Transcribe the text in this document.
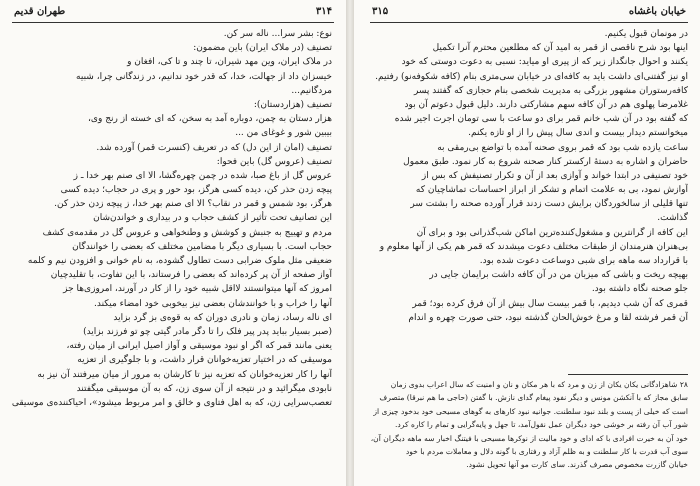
۳۱۴
طهران قدیم
نوع: بشر سرا... ناله سر کن.
تصنیف (در ملاک ایران) باین مضمون:
در ملاک ایران، وین مهد شیران، تا چند و تا کی، افغان و
خیسزان داد از جهالت، خدا، که قدر خود ندانیم، در زندگانی چرا، شبیه
مردگانیم...
تصنیف (هزاردستان):
هزار دستان به چمن، دوباره آمد به سخن، که ای خسته از رنج وی،
بیبین شور و غوغای من ...
تصنیف (امان از این دل) که در تعریف (کنسرت قمر) آورده شد.
تصنیف (عروس گل) باین فحوا:
عروس گل از باغ صبا، شده در چمن چهره‌گشا، الا ای صنم بهر خدا ـ ز
پیچه زدن حذر کن، دیده کسی هرگز، بود حور و پری در حجاب؛ دیده کسی
هرگز، بود شمس و قمر در نقاب؟ الا ای صنم بهر خدا، ز پیچه زدن حذر کن.
این تصانیف تحت تأثیر از کشف حجاب و در بیداری و خواندن‌شان
مردم و تهییج به جنبش و کوشش و وطنخواهی و عروس گل در مقدمه‌ی کشف
حجاب است. با بسیاری دیگر با مضامین مختلف که بعضی را خوانندگان
ضعیفی مثل ملوک ضرابی دست تطاول گشوده، به نام خوانی و افزودن نیم و کلمه
آواز صفحه از آن پر کرده‌اند که بعضی را فرستاند، با این تفاوت، با تقلیدچیان
امروز که آنها میتوانستند لااقل شبیه خود را از کار در آورند، امروزی‌ها جز
آنها را خراب و با خوانندشان بعضی نیز بیخوبی خود امضاء میکند.
ای ناله رساد، زمان و نادری دوران که به قوه‌ی بز گرد بزاید
(صبر بسیار بباید پدر پیر فلک را تا دگر مادر گیتی چو تو فرزند بزاید)
یعنی مانند قمر که اگر او نبود موسیقی و آواز اصیل ایرانی از میان رفته،
موسیقی که در اختیار تعزیه‌خوانان قرار داشت، و با جلوگیری از تعزیه
آنها را کار تعزیه‌خوانان که تعزیه نیز تا کارشان به مرور از میان میرفتند آن نیز به
نابودی میگرائید و در نتیجه از آن سوی زن، که به آن موسیقی میگفتند
تعصب‌سرایی زن، که به اهل فتاوی و خالق و امر مربوط میشود»، احیاکننده‌ی موسیقی
۳۱۵	خیابان باغشاه
در مونمان قبول یکنیم.
اینها بود شرح ناقصی از قمر به امید آن که مطلعین محترم آنرا تکمیل
یکنند و احوال جانگداز زیر که از پیری او میاید: نسبی به دعوت دوستی که خود
او نیز گفتنی‌ای داشت باید به کافه‌ای در خیابان سی‌متری بنام (کافه شکوفه‌نو) رفتیم.
کافه‌رستوران مشهور بزرگی به مدیریت شخصی بنام حجازی که گفتند پسر
غلامرضا پهلوی هم در آن کافه سهم مشارکتی دارند. دلیل قبول دعوتم آن بود
که گفته بود در آن شب خانم قمر برای دو ساعت با سی تومان اجرت اجیر شده
میخوانستم دیدار بیست و اندی سال پیش را از او تازه یکنم.
ساعت یازده شب بود که قمر بروی صحنه آمده با تواضع بی‌رمقی به
حاضران و اشاره به دستهٔ ارکستر کنار صحنه شروع به کار نمود. طبق معمول
خود تصنیفی در ابتدا خواند و آوازی بعد از آن و تکرار تصنیفش که بس از
آوازش نمود، بی به علامت اتمام و تشکر از ابراز احساسات تماشاچیان که
تنها قلیلی از سالخوردگان برایش دست زدند قرار آورده صحنه را بشتت سر
گذاشت.
این کافه از گرانترین و مشغول‌کننده‌ترین اماکن شب‌گذرانی بود و برای آن
بی‌هنران هنرمندان از طبقات مختلف دعوت میشدند که قمر هم یکی از آنها معلوم و
با قرارداد سه ماهه برای شبی دوساعت دعوت شده بود.
بهیچه ریخت و باشی که میزبان من در آن کافه داشت برایمان جایی در
جلو صحنه نگاه داشته بود.
قمری که آن شب دیدیم، با قمر بیست سال بیش از آن فرق کرده بود؛ قمر
آن قمر فرشته لقا و مرغ خوش‌الحان گذشته نبود، حتی صورت چهره و اندام
۲۸ شاهزادگانی یکان یکان از زن و مرد که با هر مکان و نان و امنیت که سال اعراب بدوی زمان
سابق مجاز که با آنکشن مونس و دیگر نفود پیغام گدای نازش. با گفتن (حاجی ما هم نبرقا) متصرف
است که خیلی از پست و بلند نبود سلطنت. جوانیه نبود کارهای به گوهای مسیحی خود بدخود چیزی از
شور آب آن رفته بر خوشی خود دیگران عمل نقول‌آمد، تا جهل و پایه‌گرایی و تمام را کاره کرد.
خود آن به خیرت افرادی با که ادای و خود مالیت از نوکرها مسیحی با فیتنگ اخبار سه ماهه دیگران آن،
سوی آب قدرت با کار سلطنت و به ظلم آزاد و رفتاری با گونه دلال و معاملات مردم با خود
خیابان گازرت مخصوص مصرف گذرند. سای کارت مو آنها تحویل نشود.
